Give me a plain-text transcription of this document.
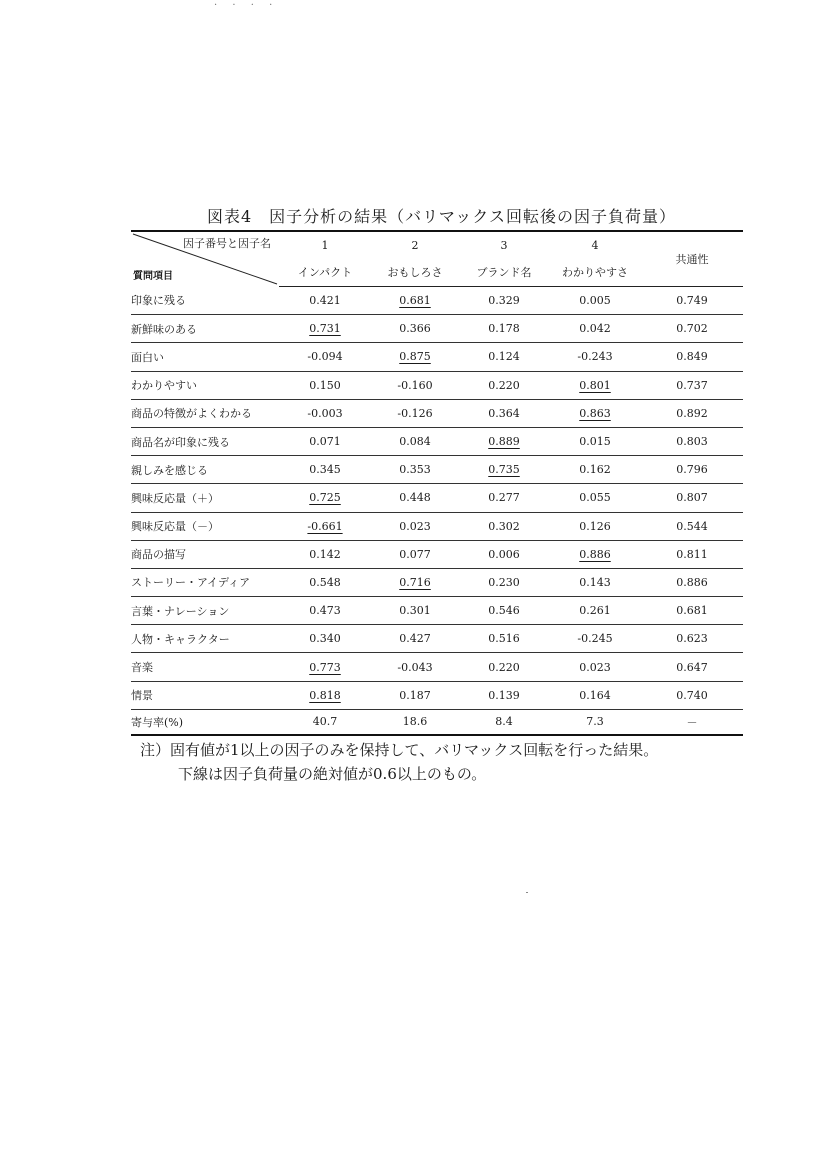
· · · ·
図表4　因子分析の結果（バリマックス回転後の因子負荷量）
因子番号と因子名
質問項目	1	2	3	4	共通性
	インパクト	おもしろさ	ブランド名	わかりやすさ	
印象に残る	0.421	0.681	0.329	0.005	0.749
新鮮味のある	0.731	0.366	0.178	0.042	0.702
面白い	-0.094	0.875	0.124	-0.243	0.849
わかりやすい	0.150	-0.160	0.220	0.801	0.737
商品の特徴がよくわかる	-0.003	-0.126	0.364	0.863	0.892
商品名が印象に残る	0.071	0.084	0.889	0.015	0.803
親しみを感じる	0.345	0.353	0.735	0.162	0.796
興味反応量（＋）	0.725	0.448	0.277	0.055	0.807
興味反応量（－）	-0.661	0.023	0.302	0.126	0.544
商品の描写	0.142	0.077	0.006	0.886	0.811
ストーリー・アイディア	0.548	0.716	0.230	0.143	0.886
言葉・ナレーション	0.473	0.301	0.546	0.261	0.681
人物・キャラクター	0.340	0.427	0.516	-0.245	0.623
音楽	0.773	-0.043	0.220	0.023	0.647
情景	0.818	0.187	0.139	0.164	0.740
寄与率(%)	40.7	18.6	8.4	7.3	－
注）固有値が1以上の因子のみを保持して、バリマックス回転を行った結果。
下線は因子負荷量の絶対値が0.6以上のもの。
